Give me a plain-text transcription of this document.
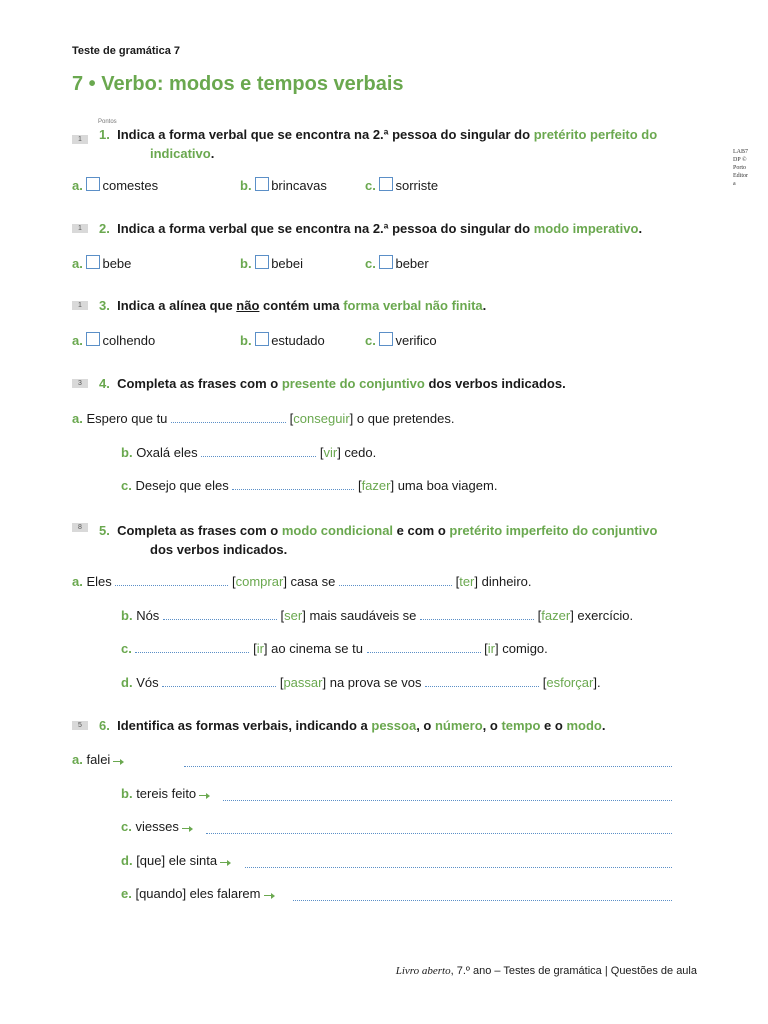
Teste de gramática 7
7 • Verbo: modos e tempos verbais
LAB7
DP ©
Porto
Editor
a
Pontos
1	1. Indica a forma verbal que se encontra na 2.ª pessoa do singular do pretérito perfeito do
indicativo.
a. comestes	b. brincavas	c. sorriste
1	2. Indica a forma verbal que se encontra na 2.ª pessoa do singular do modo imperativo.
a. bebe	b. bebei	c. beber
1	3. Indica a alínea que não contém uma forma verbal não finita.
a. colhendo	b. estudado	c. verifico
3	4. Completa as frases com o presente do conjuntivo dos verbos indicados.
a. Espero que tu	[conseguir] o que pretendes.
b. Oxalá eles	[vir] cedo.
c. Desejo que eles	[fazer] uma boa viagem.
8	5. Completa as frases com o modo condicional e com o pretérito imperfeito do conjuntivo
dos verbos indicados.
a. Eles	[comprar] casa se	[ter] dinheiro.
b. Nós	[ser] mais saudáveis se	[fazer] exercício.
c.	[ir] ao cinema se tu	[ir] comigo.
d. Vós	[passar] na prova se vos	[esforçar].
5	6. Identifica as formas verbais, indicando a pessoa, o número, o tempo e o modo.
a. falei
b. tereis feito
c. viesses
d. [que] ele sinta
e. [quando] eles falarem
Livro aberto, 7.º ano – Testes de gramática | Questões de aula
